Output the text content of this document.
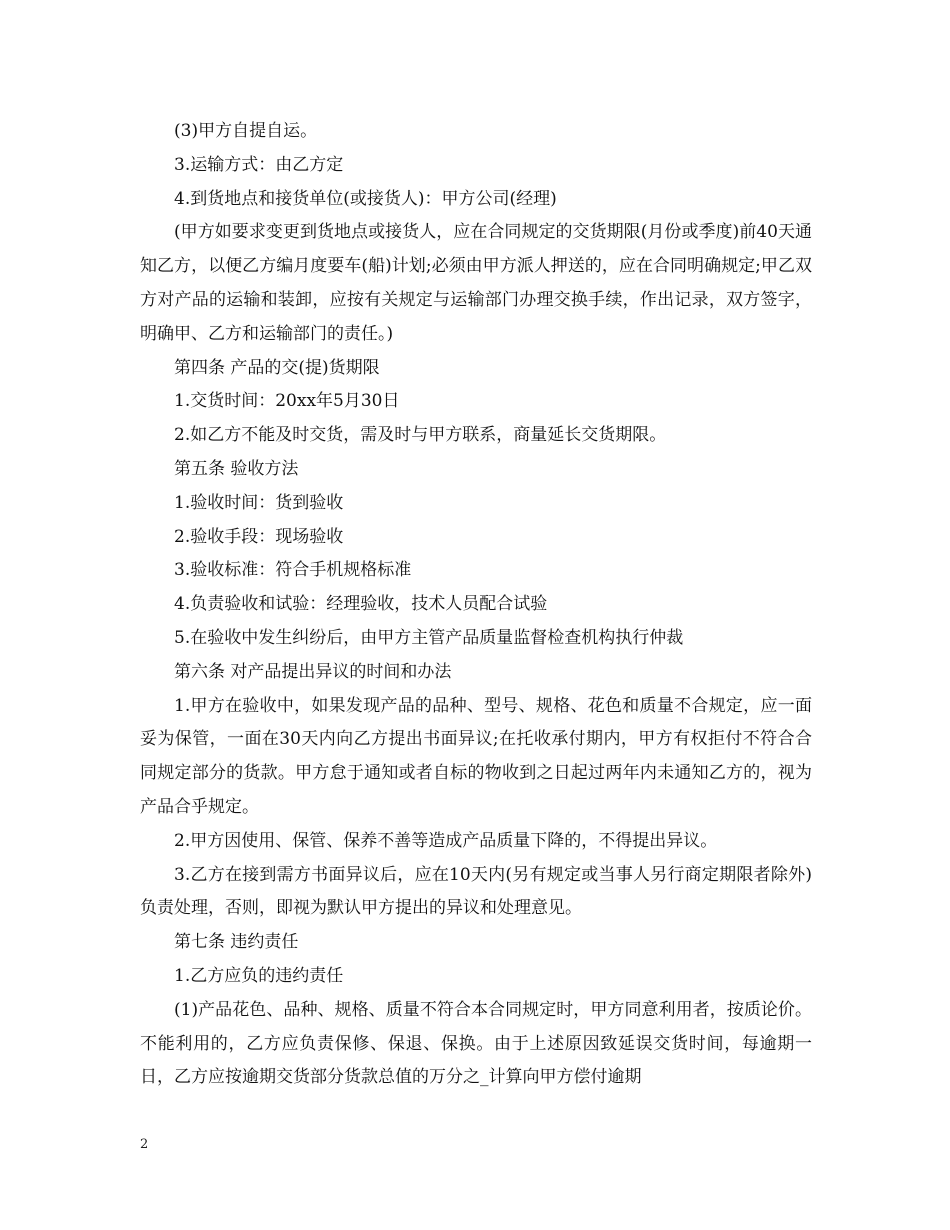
(3)甲方自提自运。

3.运输方式：由乙方定

4.到货地点和接货单位(或接货人)：甲方公司(经理)

(甲方如要求变更到货地点或接货人，应在合同规定的交货期限(月份或季度)前40天通知乙方，以便乙方编月度要车(船)计划;必须由甲方派人押送的，应在合同明确规定;甲乙双方对产品的运输和装卸，应按有关规定与运输部门办理交换手续，作出记录，双方签字，明确甲、乙方和运输部门的责任。)

第四条 产品的交(提)货期限

1.交货时间：20xx年5月30日

2.如乙方不能及时交货，需及时与甲方联系，商量延长交货期限。

第五条 验收方法

1.验收时间：货到验收

2.验收手段：现场验收

3.验收标准：符合手机规格标准

4.负责验收和试验：经理验收，技术人员配合试验

5.在验收中发生纠纷后，由甲方主管产品质量监督检查机构执行仲裁

第六条 对产品提出异议的时间和办法

1.甲方在验收中，如果发现产品的品种、型号、规格、花色和质量不合规定，应一面妥为保管，一面在30天内向乙方提出书面异议;在托收承付期内，甲方有权拒付不符合合同规定部分的货款。甲方怠于通知或者自标的物收到之日起过两年内未通知乙方的，视为产品合乎规定。

2.甲方因使用、保管、保养不善等造成产品质量下降的，不得提出异议。

3.乙方在接到需方书面异议后，应在10天内(另有规定或当事人另行商定期限者除外)负责处理，否则，即视为默认甲方提出的异议和处理意见。

第七条 违约责任

1.乙方应负的违约责任

(1)产品花色、品种、规格、质量不符合本合同规定时，甲方同意利用者，按质论价。不能利用的，乙方应负责保修、保退、保换。由于上述原因致延误交货时间，每逾期一日，乙方应按逾期交货部分货款总值的万分之_计算向甲方偿付逾期

2
